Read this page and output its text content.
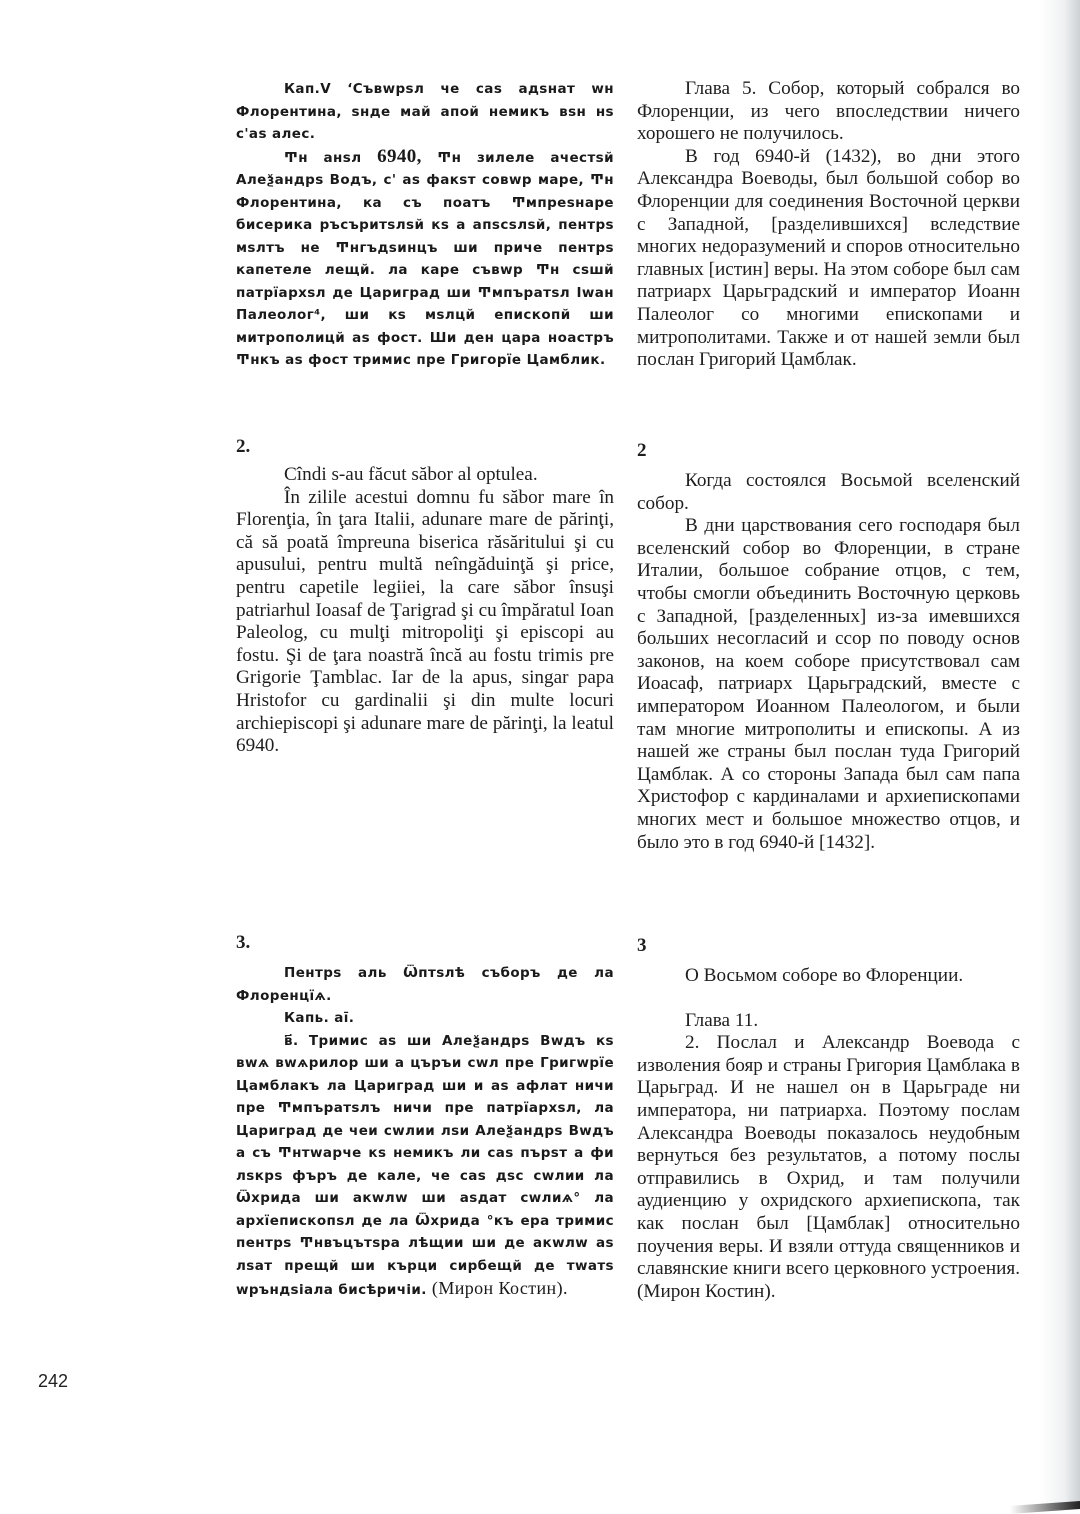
Кап.V ‘Съвwрѕл че саѕ адѕнат wн Флорентина, ѕнде май апой немикъ вѕн нѕ с'аѕ алес.

Ͳн анѕл 6940, Ͳн зилеле ачестѕй Алеѯандрѕ Водъ, с' аѕ факѕт совwр маре, Ͳн Флорентина, ка съ поатъ Ͳмпреѕнаре бисерика ръсъритѕлѕй кѕ а апѕсѕлѕй, пентрѕ мѕлтъ не Ͳнгъдѕинцъ ши приче пентрѕ капетеле лещй. ла каре съвwр Ͳн сѕшй патрїархѕл де Цариград ши Ͳмпъратѕл Iwан Палеолог⁴, ши кѕ мѕлцй епископй ши митрополицй аѕ фост. Ши ден цара ноастръ Ͳнкъ аѕ фост тримис пре Григорїе Цамблик.

2.

Cîndi s-au făcut săbor al optulea.

În zilile acestui domnu fu săbor mare în Florenţia, în ţara Italii, adunare mare de părinţi, că să poată împreuna biserica răsăritului şi cu apusului, pentru multă neîngăduinţă şi price, pentru capetile legiiei, la care săbor însuşi patriarhul Ioasaf de Ţarigrad şi cu împăratul Ioan Paleolog, cu mulţi mitropoliţi şi episcopi au fostu. Şi de ţara noastră încă au fostu trimis pre Grigorie Ţamblac. Iar de la apus, singar papa Hristofor cu gardinalii şi din multe locuri archiepiscopi şi adunare mare de părinţi, la leatul 6940.

3.

Пентрѕ аль Ѿптѕлѣ съборъ де ла Флоренцїѧ.

Капь. аı̄.

в҃. Тримис аѕ ши Алеѯандрѕ Вwдъ кѕ вwѧ вwѧрилор ши а църъи сwл пре Григwрїе Цамблакъ ла Цариград ши и аѕ афлат ничи пре Ͳмпъратѕлъ ничи пре патрїархѕл, ла Цариград де чеи сwлии лѕи Алеѯандрѕ Вwдъ а съ Ͳнтwарче кѕ немикъ ли саѕ пърѕт а фи лѕкрѕ фъръ де кале, че саѕ дѕс сwлии ла Ѿхрида ши акwлw ши аѕдат сwлиѧ° ла архїепископѕл де ла Ѿхрида °къ ера тримис пентрѕ Ͳнвъцътѕра лѣщии ши де акwлw аѕ лѕат прещй ши кърци сирбещй де тwатѕ wръндѕiала бисѣричiи. (Мирон Костин).

Глава 5. Собор, который собрался во Флоренции, из чего впоследствии ничего хорошего не получилось.

В год 6940-й (1432), во дни этого Александра Воеводы, был большой собор во Флоренции для соединения Восточной церкви с Западной, [разделившихся] вследствие многих недоразумений и споров относительно главных [истин] веры. На этом соборе был сам патриарх Царьградский и император Иоанн Палеолог со многими епископами и митрополитами. Также и от нашей земли был послан Григорий Цамблак.

2

Когда состоялся Восьмой вселенский собор.

В дни царствования сего господаря был вселенский собор во Флоренции, в стране Италии, большое собрание отцов, с тем, чтобы смогли объединить Восточную церковь с Западной, [разделенных] из-за имевшихся больших несогласий и ссор по поводу основ законов, на коем соборе присутствовал сам Иоасаф, патриарх Царьградский, вместе с императором Иоанном Палеологом, и были там многие митрополиты и епископы. А из нашей же страны был послан туда Григорий Цамблак. А со стороны Запада был сам папа Христофор с кардиналами и архиепископами многих мест и большое множество отцов, и было это в год 6940-й [1432].

3

О Восьмом соборе во Флоренции.

Глава 11.

2. Послал и Александр Воевода с изволения бояр и страны Григория Цамблака в Царьград. И не нашел он в Царьграде ни императора, ни патриарха. Поэтому послам Александра Воеводы показалось неудобным вернуться без результатов, а потому послы отправились в Охрид, и там получили аудиенцию у охридского архиепископа, так как послан был [Цамблак] относительно поучения веры. И взяли оттуда священников и славянские книги всего церковного устроения. (Мирон Костин).

242
